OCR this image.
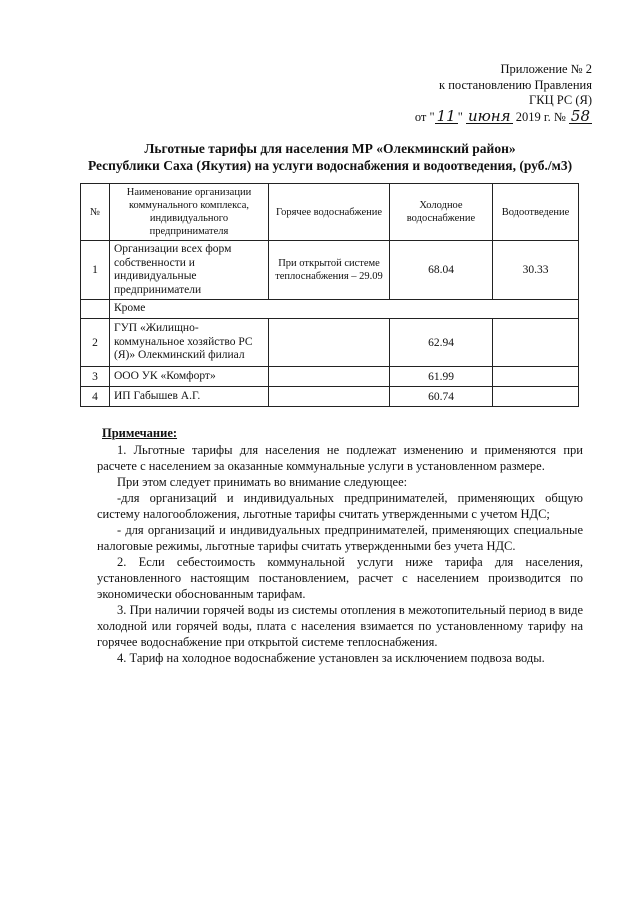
Приложение № 2
к постановлению Правления
ГКЦ РС (Я)
от " 11 " июня 2019 г. № 58
Льготные тарифы для населения МР «Олекминский район»
Республики Саха (Якутия) на услуги водоснабжения и водоотведения, (руб./м3)
№	Наименование организации коммунального комплекса, индивидуального предпринимателя	Горячее водоснабжение	Холодное водоснабжение	Водоотведение
1	Организации всех форм собственности и индивидуальные предприниматели	При открытой системе теплоснабжения – 29.09	68.04	30.33
	Кроме			
2	ГУП «Жилищно-коммунальное хозяйство РС (Я)» Олекминский филиал		62.94	
3	ООО УК «Комфорт»		61.99	
4	ИП Габышев А.Г.		60.74	
Примечание:

1. Льготные тарифы для населения не подлежат изменению и применяются при расчете с населением за оказанные коммунальные услуги в установленном размере.

При этом следует принимать во внимание следующее:

-для организаций и индивидуальных предпринимателей, применяющих общую систему налогообложения, льготные тарифы считать утвержденными с учетом НДС;

- для организаций и индивидуальных предпринимателей, применяющих специальные налоговые режимы, льготные тарифы считать утвержденными без учета НДС.

2. Если себестоимость коммунальной услуги ниже тарифа для населения, установленного настоящим постановлением, расчет с населением производится по экономически обоснованным тарифам.

3. При наличии горячей воды из системы отопления в межотопительный период в виде холодной или горячей воды, плата с населения взимается по установленному тарифу на горячее водоснабжение при открытой системе теплоснабжения.

4. Тариф на холодное водоснабжение установлен за исключением подвоза воды.
